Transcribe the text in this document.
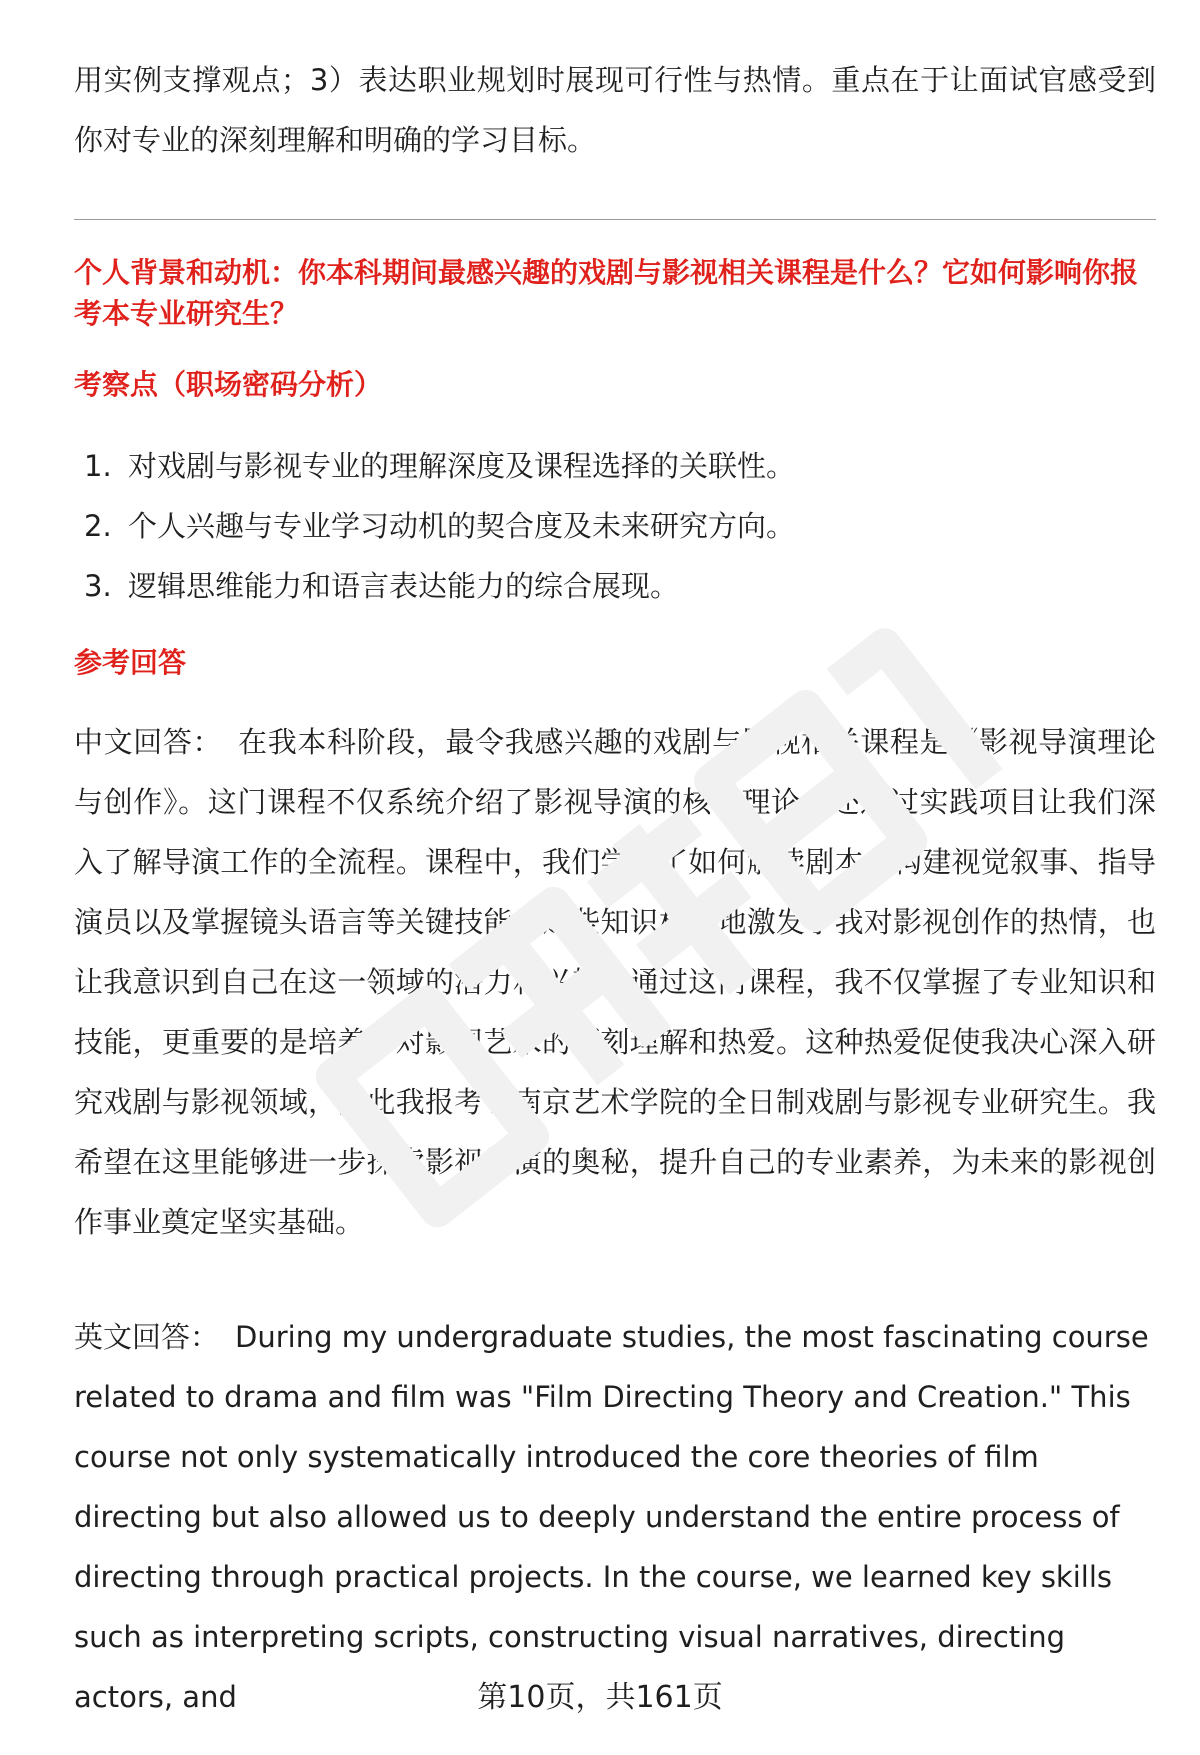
用实例支撑观点；3）表达职业规划时展现可行性与热情。重点在于让面试官感受到你对专业的深刻理解和明确的学习目标。

个人背景和动机：你本科期间最感兴趣的戏剧与影视相关课程是什么？它如何影响你报考本专业研究生？

考察点（职场密码分析）

1. 对戏剧与影视专业的理解深度及课程选择的关联性。
2. 个人兴趣与专业学习动机的契合度及未来研究方向。
3. 逻辑思维能力和语言表达能力的综合展现。

参考回答

中文回答： 在我本科阶段，最令我感兴趣的戏剧与影视相关课程是《影视导演理论与创作》。这门课程不仅系统介绍了影视导演的核心理论，还通过实践项目让我们深入了解导演工作的全流程。课程中，我们学习了如何解读剧本、构建视觉叙事、指导演员以及掌握镜头语言等关键技能。这些知识极大地激发了我对影视创作的热情，也让我意识到自己在这一领域的潜力和兴趣。通过这门课程，我不仅掌握了专业知识和技能，更重要的是培养了对影视艺术的深刻理解和热爱。这种热爱促使我决心深入研究戏剧与影视领域，因此我报考了南京艺术学院的全日制戏剧与影视专业研究生。我希望在这里能够进一步探索影视导演的奥秘，提升自己的专业素养，为未来的影视创作事业奠定坚实基础。

英文回答： During my undergraduate studies, the most fascinating course related to drama and film was "Film Directing Theory and Creation." This course not only systematically introduced the core theories of film directing but also allowed us to deeply understand the entire process of directing through practical projects. In the course, we learned key skills such as interpreting scripts, constructing visual narratives, directing actors, and	第10页，共161页
